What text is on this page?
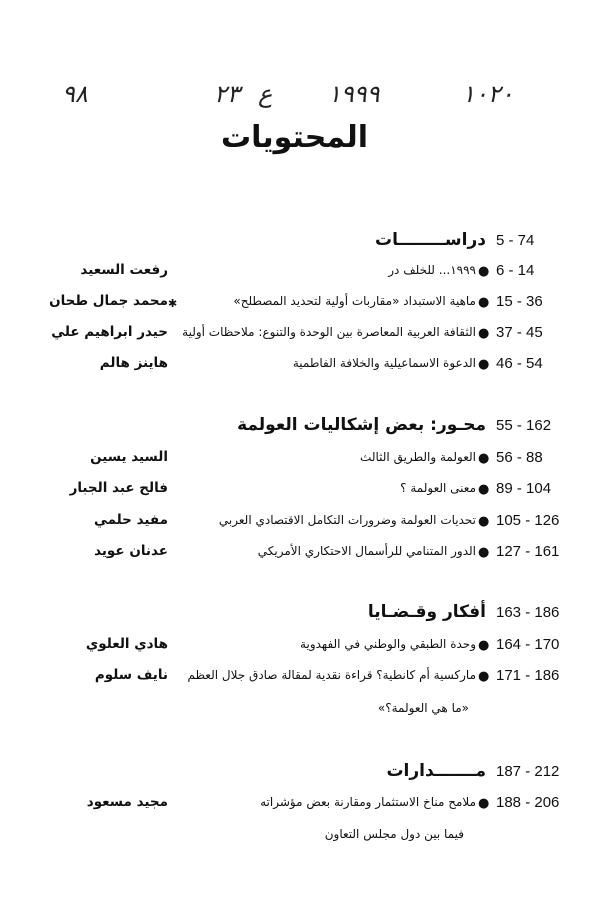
۱۰۲۰
۱۹۹۹
ع
۲۳
۹۸
المحتويات
5 - 74
دراســــــــات
6 - 14
●
١٩٩٩... للخلف در
رفعت السعيد
15 - 36
●
ماهية الاستبداد «مقاربات أولية لتحديد المصطلح»
محمد جمال طحان ✱
37 - 45
●
الثقافة العربية المعاصرة بين الوحدة والتنوع: ملاحظات أولية
حيدر ابراهيم علي
46 - 54
●
الدعوة الاسماعيلية والخلافة الفاطمية
هاينز هالم
55 - 162
محـور: بعض إشكاليات العولمة
56 - 88
●
العولمة والطريق الثالث
السيد يسين
89 - 104
●
معنى العولمة ؟
فالح عبد الجبار
105 - 126
●
تحديات العولمة وضرورات التكامل الاقتصادي العربي
مفيد حلمي
127 - 161
●
الدور المتنامي للرأسمال الاحتكاري الأمريكي
عدنان عويد
163 - 186
أفكار وقـضـايا
164 - 170
●
وحدة الطبقي والوطني في الفهدوية
هادي العلوي
171 - 186
●
ماركسية أم كانطية؟ قراءة نقدية لمقالة صادق جلال العظم
نايف سلوم
«ما هي العولمة؟»
187 - 212
مـــــــدارات
188 - 206
●
ملامح مناخ الاستثمار ومقارنة بعض مؤشراته
مجيد مسعود
فيما بين دول مجلس التعاون
